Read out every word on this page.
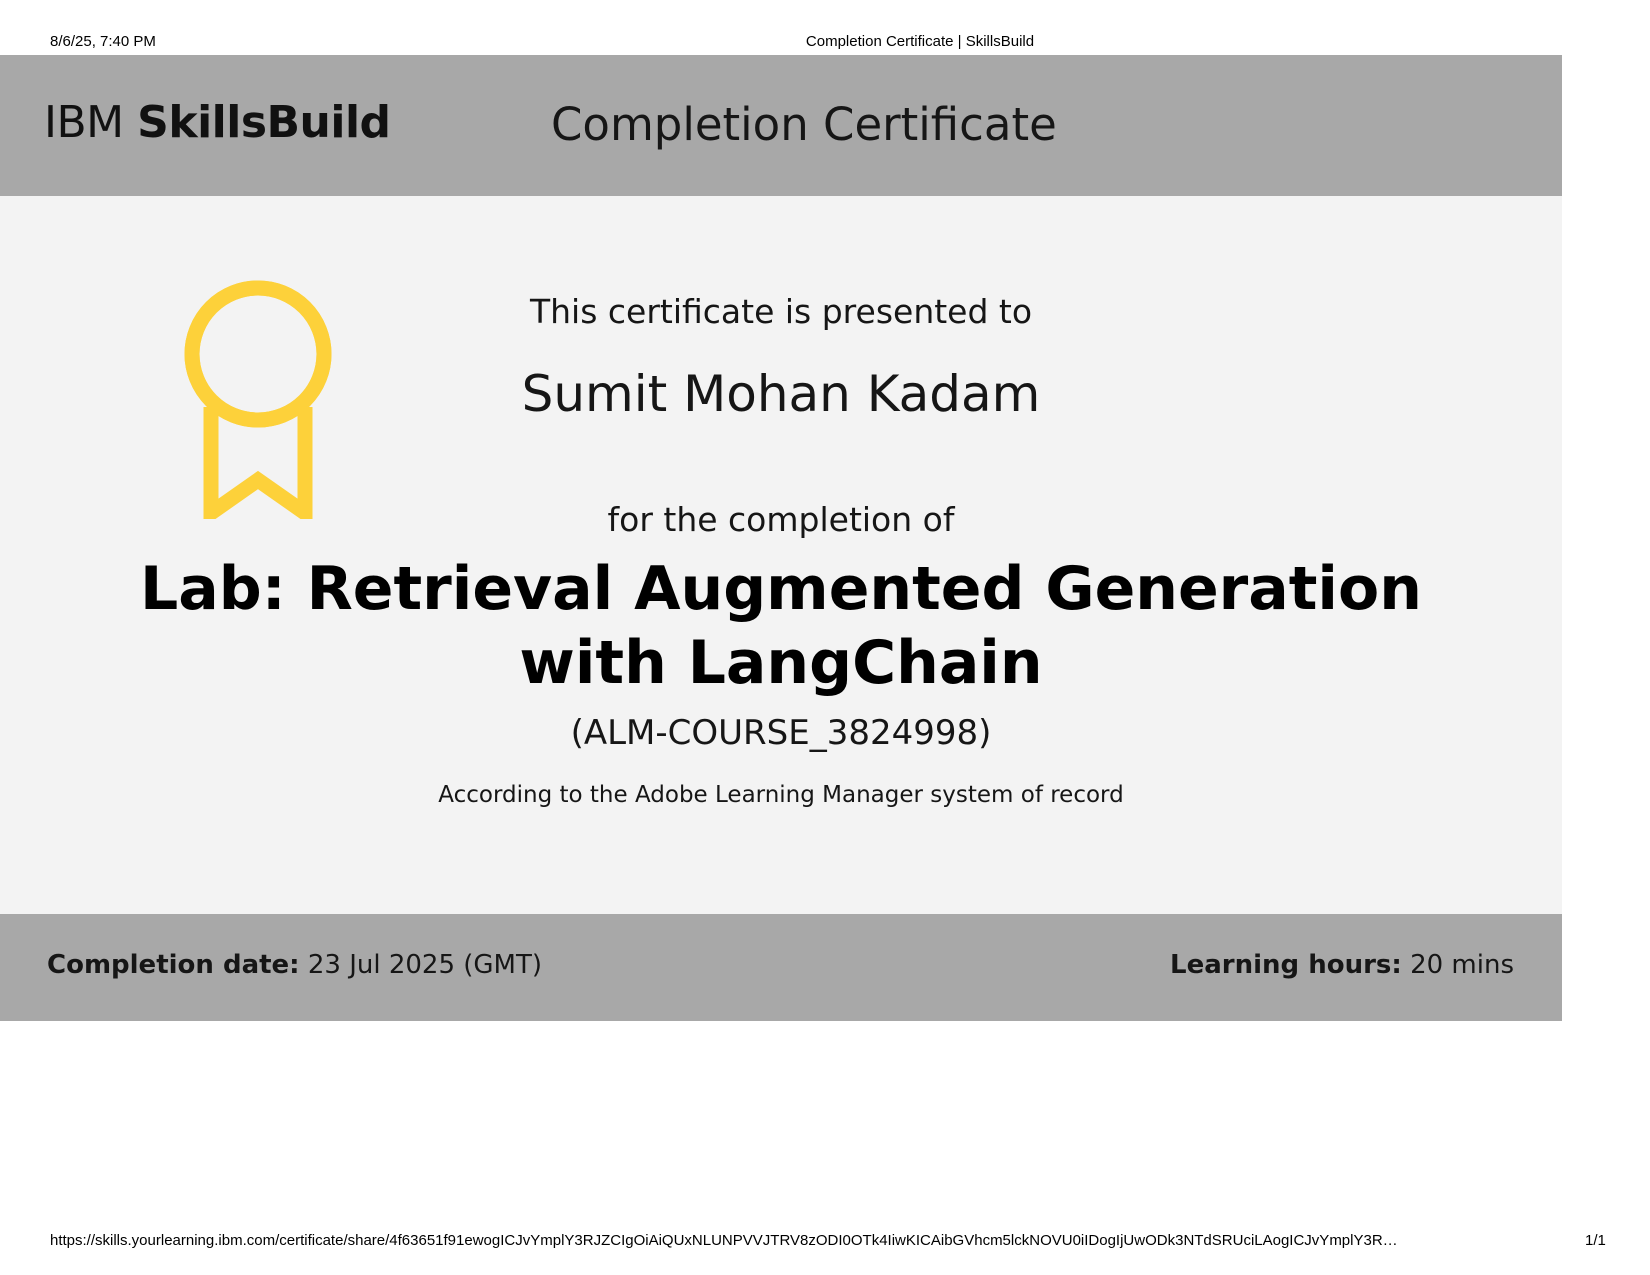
8/6/25, 7:40 PM	Completion Certificate | SkillsBuild
IBM SkillsBuild	Completion Certificate
This certificate is presented to
Sumit Mohan Kadam
for the completion of
Lab: Retrieval Augmented Generation with LangChain
(ALM-COURSE_3824998)
According to the Adobe Learning Manager system of record
Completion date: 23 Jul 2025 (GMT)	Learning hours: 20 mins
https://skills.yourlearning.ibm.com/certificate/share/4f63651f91ewogICJvYmplY3RJZCIgOiAiQUxNLUNPVVJTRV8zODI0OTk4IiwKICAibGVhcm5lckNOVU0iIDogIjUwODk3NTdSRUciLAogICJvYmplY3R…	1/1
